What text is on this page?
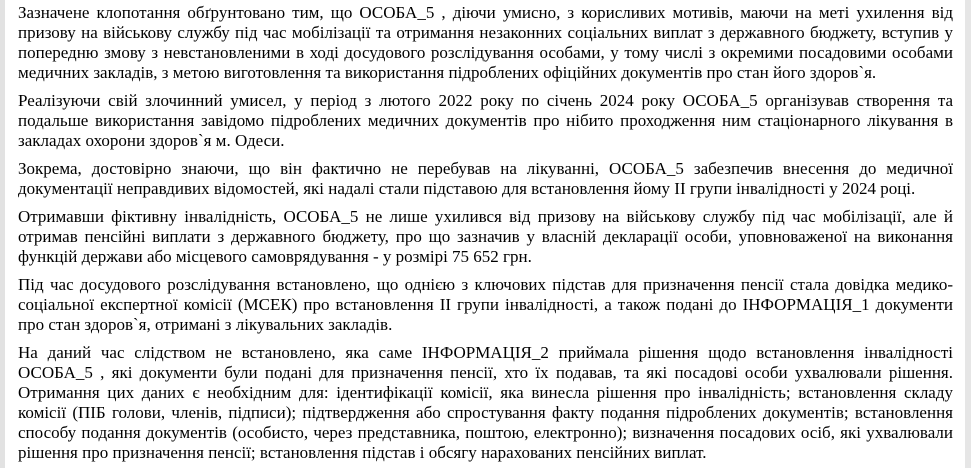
Зазначене клопотання обґрунтовано тим, що ОСОБА_5 , діючи умисно, з корисливих мотивів, маючи на меті ухилення від призову на військову службу під час мобілізації та отримання незаконних соціальних виплат з державного бюджету, вступив у попередню змову з невстановленими в ході досудового розслідування особами, у тому числі з окремими посадовими особами медичних закладів, з метою виготовлення та використання підроблених офіційних документів про стан його здоров`я.

Реалізуючи свій злочинний умисел, у період з лютого 2022 року по січень 2024 року ОСОБА_5 організував створення та подальше використання завідомо підроблених медичних документів про нібито проходження ним стаціонарного лікування в закладах охорони здоров`я м. Одеси.

Зокрема, достовірно знаючи, що він фактично не перебував на лікуванні, ОСОБА_5 забезпечив внесення до медичної документації неправдивих відомостей, які надалі стали підставою для встановлення йому ІІ групи інвалідності у 2024 році.

Отримавши фіктивну інвалідність, ОСОБА_5 не лише ухилився від призову на військову службу під час мобілізації, але й отримав пенсійні виплати з державного бюджету, про що зазначив у власній декларації особи, уповноваженої на виконання функцій держави або місцевого самоврядування - у розмірі 75 652 грн.

Під час досудового розслідування встановлено, що однією з ключових підстав для призначення пенсії стала довідка медико-соціальної експертної комісії (МСЕК) про встановлення ІІ групи інвалідності, а також подані до ІНФОРМАЦІЯ_1 документи про стан здоров`я, отримані з лікувальних закладів.

На даний час слідством не встановлено, яка саме ІНФОРМАЦІЯ_2 приймала рішення щодо встановлення інвалідності ОСОБА_5 , які документи були подані для призначення пенсії, хто їх подавав, та які посадові особи ухвалювали рішення. Отримання цих даних є необхідним для: ідентифікації комісії, яка винесла рішення про інвалідність; встановлення складу комісії (ПІБ голови, членів, підписи); підтвердження або спростування факту подання підроблених документів; встановлення способу подання документів (особисто, через представника, поштою, електронно); визначення посадових осіб, які ухвалювали рішення про призначення пенсії; встановлення підстав і обсягу нарахованих пенсійних виплат.
